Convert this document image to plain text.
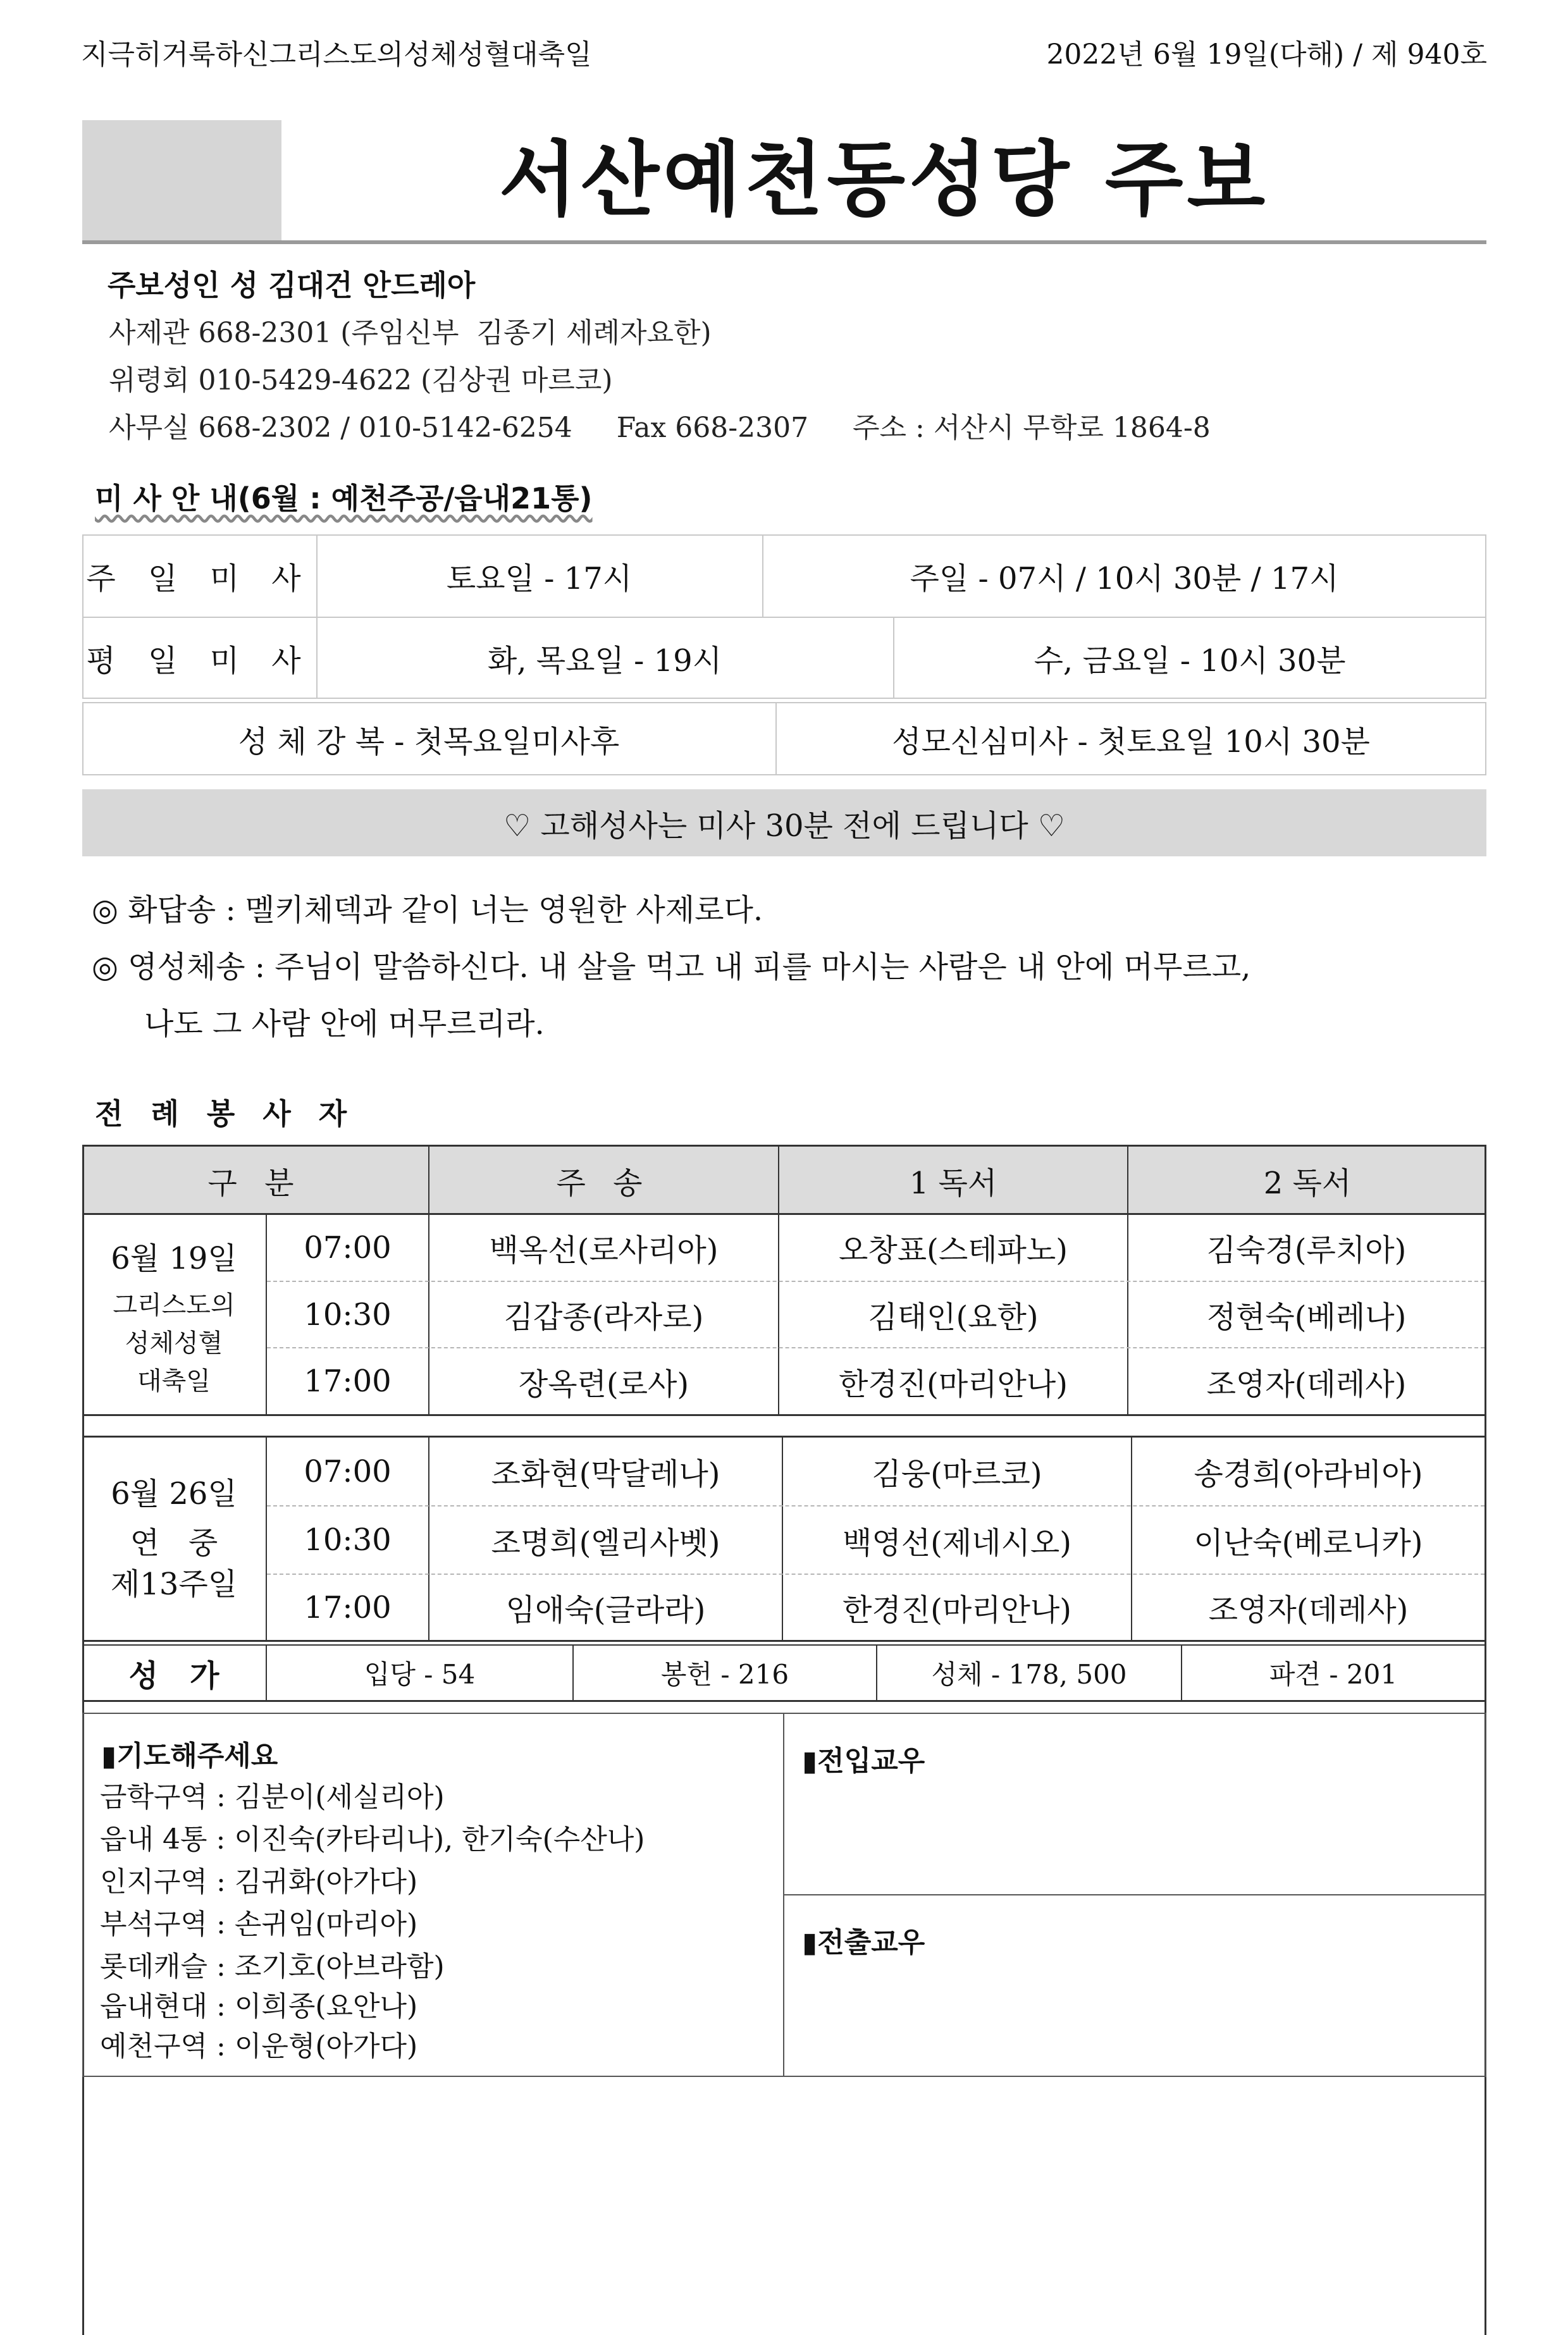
지극히거룩하신그리스도의성체성혈대축일	2022년 6월 19일(다해) / 제 940호
서산예천동성당 주보
주보성인 성 김대건 안드레아
사제관 668-2301 (주임신부  김종기 세례자요한)
위령회 010-5429-4622 (김상권 마르코)
사무실 668-2302 / 010-5142-6254     Fax 668-2307     주소 : 서산시 무학로 1864-8
미 사 안 내(6월 : 예천주공/읍내21통)
주 일 미 사	토요일 - 17시	주일 - 07시 / 10시 30분 / 17시
평 일 미 사	화, 목요일 - 19시	수, 금요일 - 10시 30분
성 체 강 복 - 첫목요일미사후	성모신심미사 - 첫토요일 10시 30분
♡ 고해성사는 미사 30분 전에 드립니다 ♡
◎ 화답송 : 멜키체덱과 같이 너는 영원한 사제로다.
◎ 영성체송 : 주님이 말씀하신다. 내 살을 먹고 내 피를 마시는 사람은 내 안에 머무르고,
나도 그 사람 안에 머무르리라.
전 례 봉 사 자
구 분	주 송	1 독서	2 독서
6월 19일
그리스도의
성체성혈
대축일
07:00	백옥선(로사리아)	오창표(스테파노)	김숙경(루치아)
10:30	김갑종(라자로)	김태인(요한)	정현숙(베레나)
17:00	장옥련(로사)	한경진(마리안나)	조영자(데레사)
6월 26일
연   중
제13주일
07:00	조화현(막달레나)	김웅(마르코)	송경희(아라비아)
10:30	조명희(엘리사벳)	백영선(제네시오)	이난숙(베로니카)
17:00	임애숙(글라라)	한경진(마리안나)	조영자(데레사)
성   가	입당 - 54	봉헌 - 216	성체 - 178, 500	파견 - 201
▮기도해주세요
금학구역 : 김분이(세실리아)
읍내 4통 : 이진숙(카타리나), 한기숙(수산나)
인지구역 : 김귀화(아가다)
부석구역 : 손귀임(마리아)
롯데캐슬 : 조기호(아브라함)
읍내현대 : 이희종(요안나)
예천구역 : 이운형(아가다)
▮전입교우
▮전출교우
